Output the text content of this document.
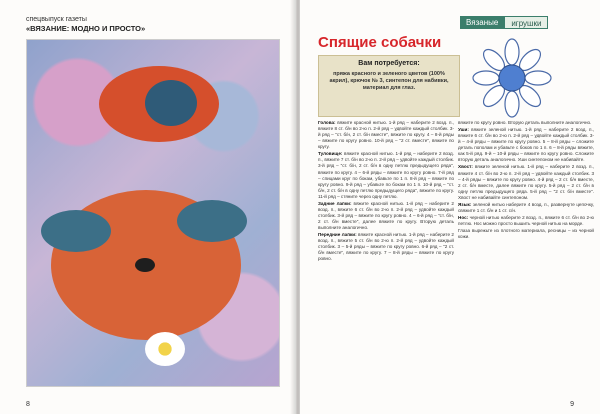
спецвыпуск газеты
«ВЯЗАНИЕ: МОДНО И ПРОСТО»
8
Вязаные	игрушки
Спящие собачки
Вам потребуется:
пряжа красного и зеленого цветов (100% акрил), крючок № 3, синтепон для набивки, материал для глаз.

Голова: вяжите красной нитью. 1-й ряд – наберите 2 возд. п., вяжите 8 ст. б/н во 2-ю п. 2-й ряд – удвойте каждый столбик. 3-й ряд – "ст. б/н, 2 ст. б/н вместе", вяжите по кругу. 4 – 8-й ряды – вяжите по кругу ровно. 10-й ряд – "2 ст. вместе", вяжите по кругу.

Туловище: вяжите красной нитью. 1-й ряд – наберите 2 возд. п., вяжите 7 ст. б/н во 2-ю п. 2-й ряд – удвойте каждый столбик. 3-й ряд – "ст. б/н, 2 ст. б/н в одну петлю предыдущего ряда", вяжите по кругу. 4 – 6-й ряды – вяжите по кругу ровно. 7-й ряд – спицами круг по бокам, убавьте по 1 п. 8-й ряд – вяжите по кругу ровно. 9-й ряд – убавьте по бокам по 1 п. 10-й ряд – "ст. б/н, 2 ст. б/н в одну петлю предыдущего ряда", вяжите по кругу. 11-й ряд – стяните через одну петлю.

Задние лапки: вяжите красной нитью. 1-й ряд – наберите 2 возд. п., вяжите 6 ст. б/н во 2-ю п. 2-й ряд – удвойте каждый столбик. 3-й ряд – вяжите по кругу ровно. 4 – 6-й ряд – "ст. б/н, 2 ст. б/н вместе", далее вяжите по кругу. Вторую деталь выполните аналогично.

Передние лапки: вяжите красной нитью. 1-й ряд – наберите 2 возд. п., вяжите 5 ст. б/н во 2-ю п. 2-й ряд – удвойте каждый столбик. 3 – 5-й ряды – вяжите по кругу ровно. 6-й ряд – "2 ст. б/н вместе", вяжите по кругу. 7 – 8-й ряды – вяжите по кругу ровно.

вяжите по кругу ровно. Вторую деталь выполните аналогично.

Уши: вяжите зеленой нитью. 1-й ряд – наберите 2 возд. п., вяжите 6 ст. б/н во 2-ю п. 2-й ряд – удвойте каждый столбик. 3-й – 4-й ряды – вяжите по кругу ровно. 5 – 8-й ряды – сложите деталь пополам и убавьте с боков по 1 п. 6 – 8-й ряды вяжите, как 5-й ряд. 9-й – 10-й ряды – вяжите по кругу ровно. Сложите вторую деталь аналогично. Уши синтепоном не набивайте.

Хвост: вяжите зеленой нитью. 1-й ряд – наберите 2 возд. п., вяжите 4 ст. б/н во 2-ю п. 2-й ряд – удвойте каждый столбик. 3 – 4-й ряды – вяжите по кругу ровно. 4-й ряд – 2 ст. б/н вместе, 2 ст. б/н вместе, далее вяжите по кругу. 5-й ряд – 2 ст. б/н в одну петлю предыдущего ряда. 5-й ряд – "2 ст. б/н вместе". Хвост не набивайте синтепоном.

Язык: зеленой нитью наберите 4 возд. п., развернуте цепочку, свяжите 1 ст. б/н и 1 ст. с/н.

Нос: черной нитью наберите 2 возд. п., вяжите 6 ст. б/н во 2-ю петлю. Нос можно просто вышить черной нитью на морде.

Глаза вырежьте из плотного материала, ресницы – из черной кожи.

9
